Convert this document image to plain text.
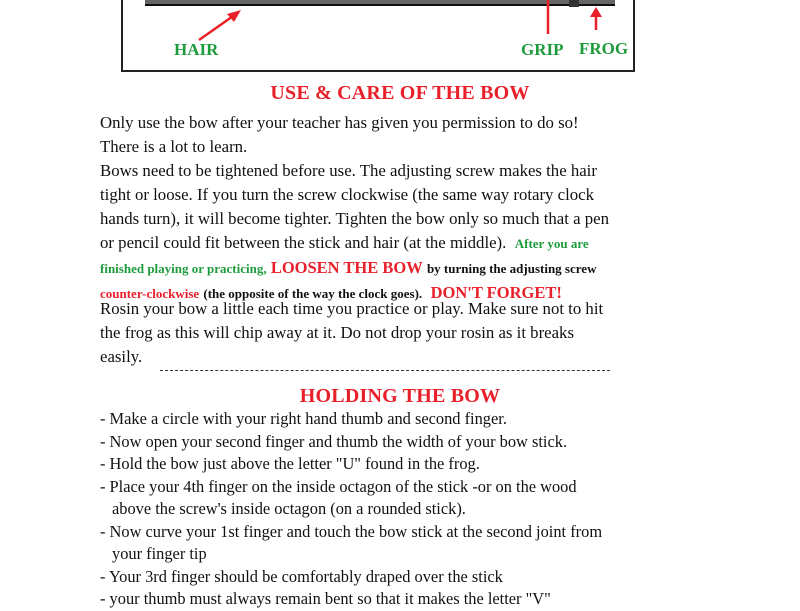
HAIR	GRIP FROG
USE & CARE OF THE BOW
Only use the bow after your teacher has given you permission to do so!
There is a lot to learn.
Bows need to be tightened before use. The adjusting screw makes the hair
tight or loose. If you turn the screw clockwise (the same way rotary clock
hands turn), it will become tighter. Tighten the bow only so much that a pen
or pencil could fit between the stick and hair (at the middle). After you are
finished playing or practicing, LOOSEN THE BOW by turning the adjusting screw
counter-clockwise (the opposite of the way the clock goes). DON'T FORGET!
Rosin your bow a little each time you practice or play. Make sure not to hit
the frog as this will chip away at it. Do not drop your rosin as it breaks
easily.
HOLDING THE BOW
- Make a circle with your right hand thumb and second finger.
- Now open your second finger and thumb the width of your bow stick.
- Hold the bow just above the letter "U" found in the frog.
- Place your 4th finger on the inside octagon of the stick -or on the wood
above the screw's inside octagon (on a rounded stick).
- Now curve your 1st finger and touch the bow stick at the second joint from
your finger tip
- Your 3rd finger should be comfortably draped over the stick
- your thumb must always remain bent so that it makes the letter "V"
